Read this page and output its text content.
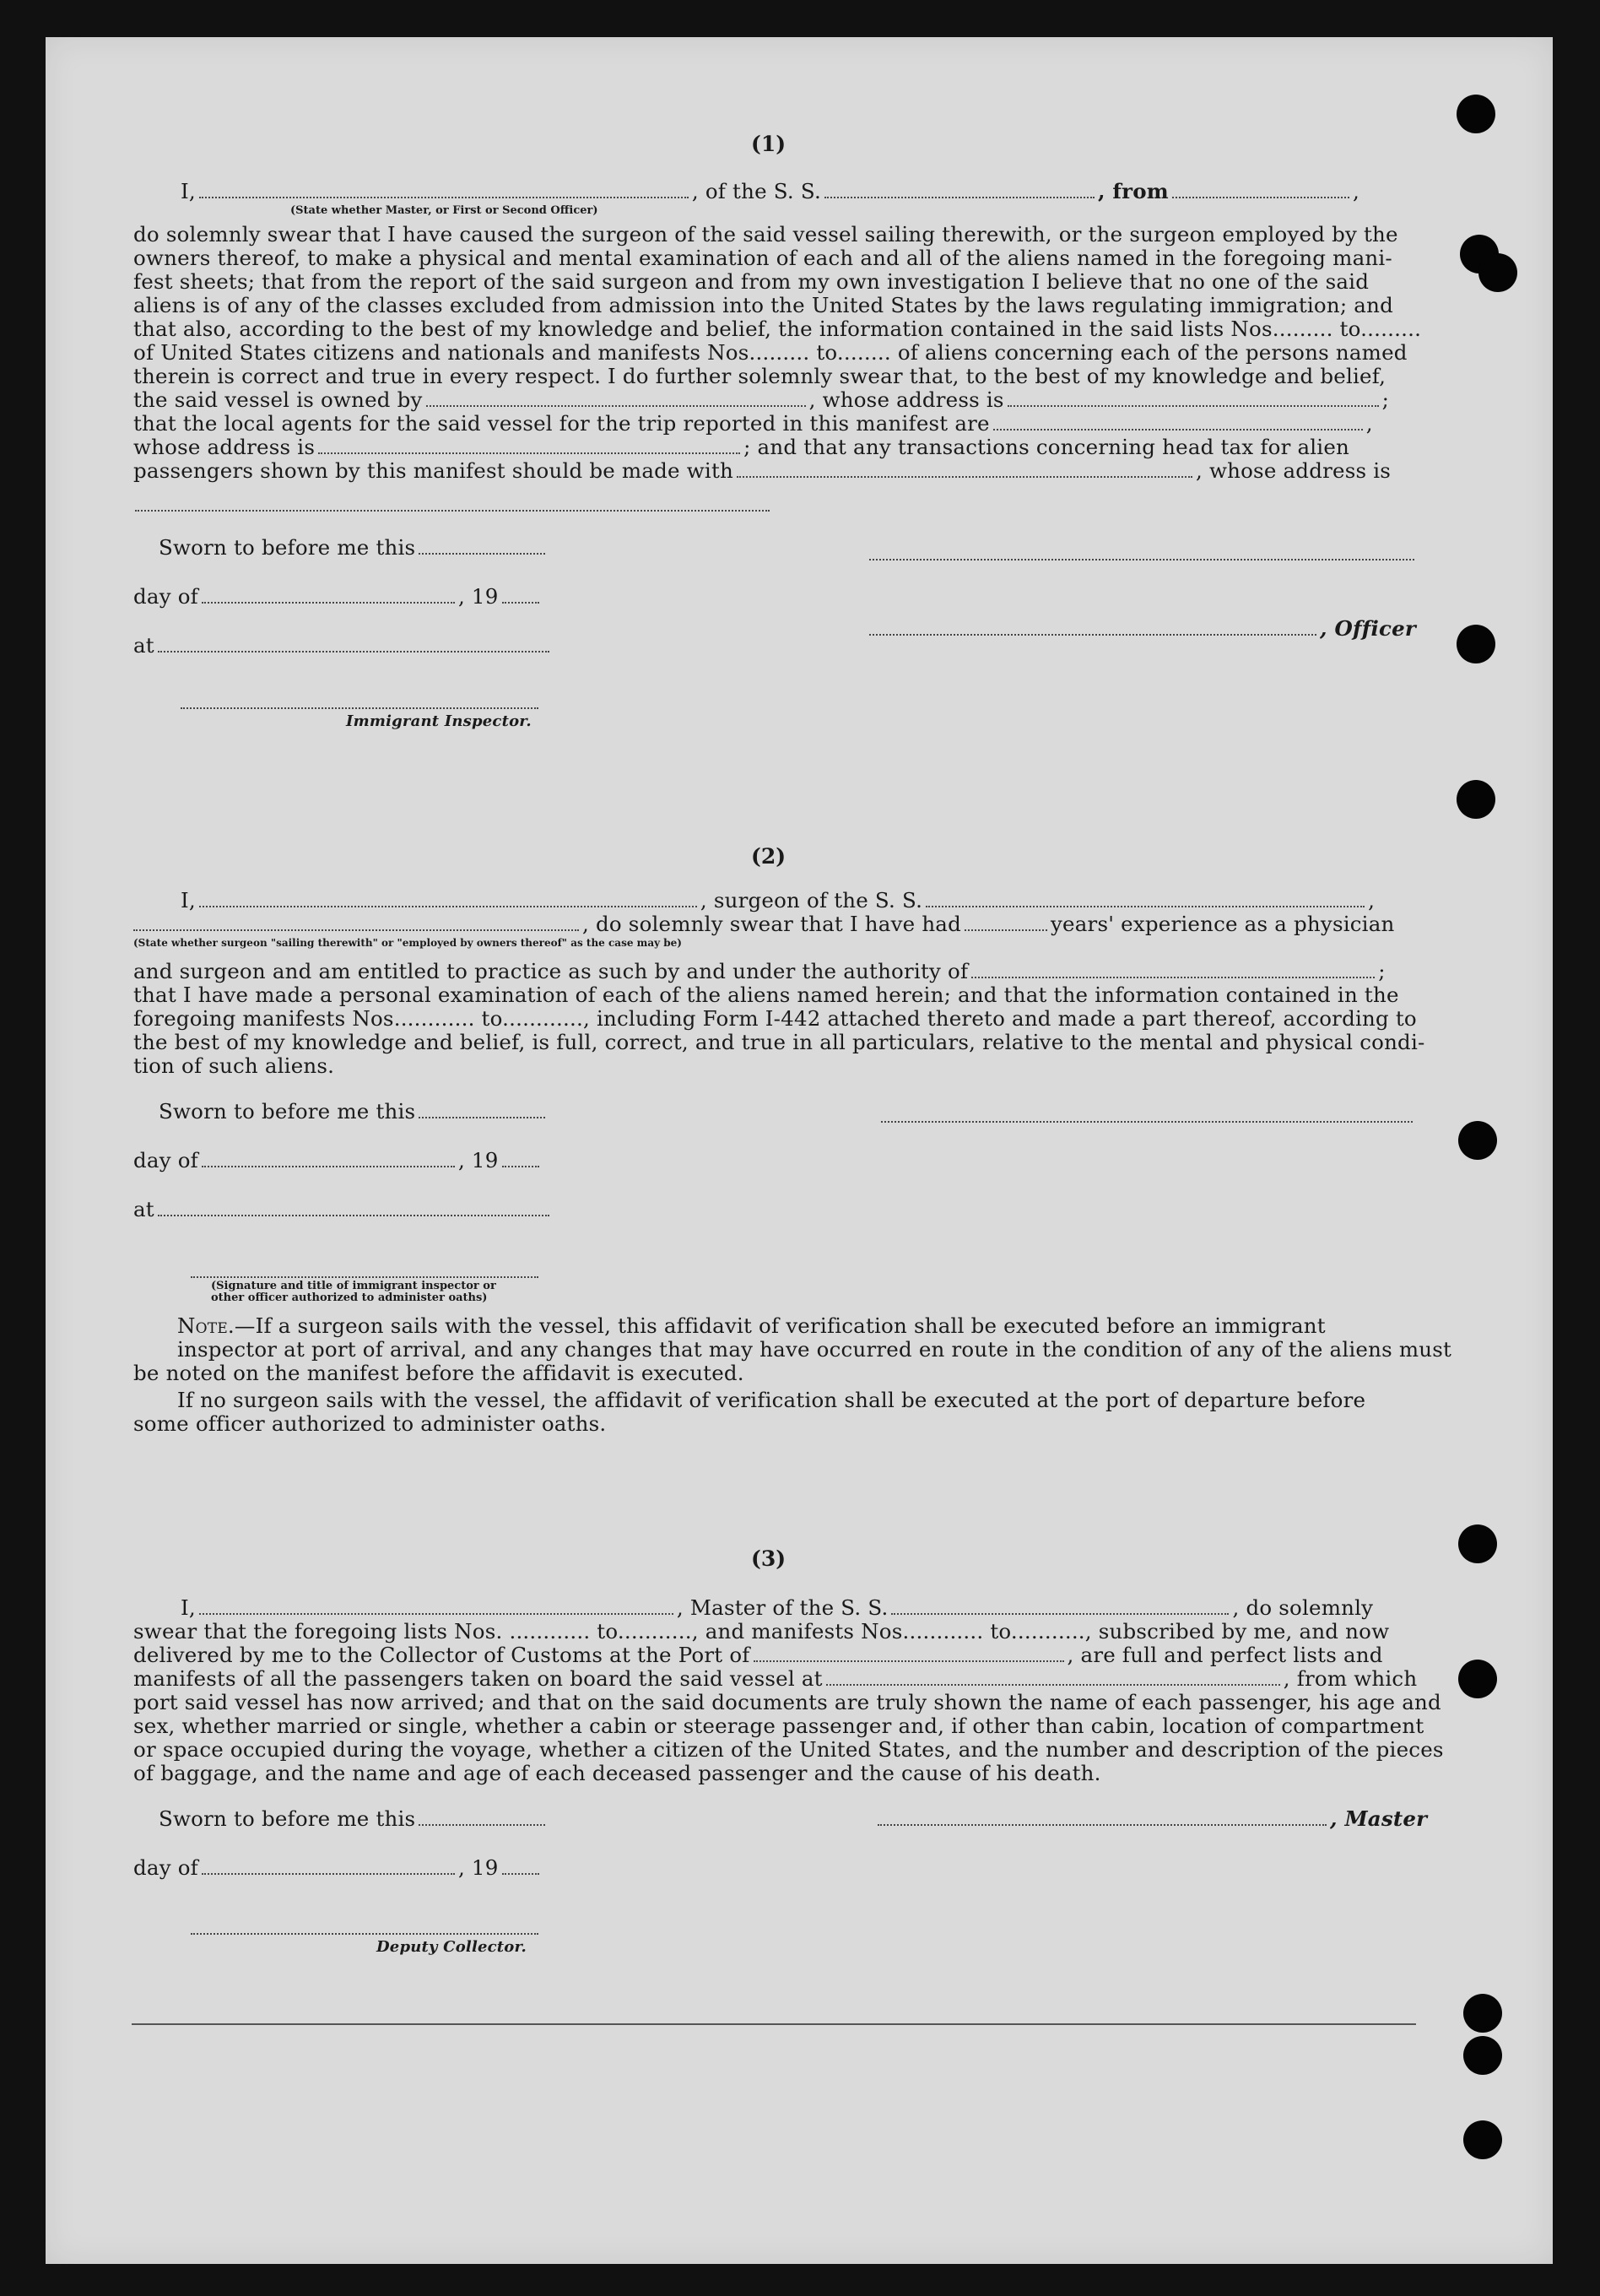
(1)
I,	, of the S. S.	, from	,
(State whether Master, or First or Second Officer)
do solemnly swear that I have caused the surgeon of the said vessel sailing therewith, or the surgeon employed by the
owners thereof, to make a physical and mental examination of each and all of the aliens named in the foregoing mani-
fest sheets; that from the report of the said surgeon and from my own investigation I believe that no one of the said
aliens is of any of the classes excluded from admission into the United States by the laws regulating immigration; and
that also, according to the best of my knowledge and belief, the information contained in the said lists Nos......... to.........
of United States citizens and nationals and manifests Nos......... to........ of aliens concerning each of the persons named
therein is correct and true in every respect. I do further solemnly swear that, to the best of my knowledge and belief,
the said vessel is owned by	, whose address is	;
that the local agents for the said vessel for the trip reported in this manifest are	,
whose address is	; and that any transactions concerning head tax for alien
passengers shown by this manifest should be made with	, whose address is
Sworn to before me this
day of	, 19
, Officer
at
Immigrant Inspector.
(2)
I,	, surgeon of the S. S.	,
, do solemnly swear that I have had	years' experience as a physician
(State whether surgeon "sailing therewith" or "employed by owners thereof" as the case may be)
and surgeon and am entitled to practice as such by and under the authority of	;
that I have made a personal examination of each of the aliens named herein; and that the information contained in the
foregoing manifests Nos............ to............, including Form I-442 attached thereto and made a part thereof, according to
the best of my knowledge and belief, is full, correct, and true in all particulars, relative to the mental and physical condi-
tion of such aliens.
Sworn to before me this
day of	, 19
at
(Signature and title of immigrant inspector or
other officer authorized to administer oaths)
Note.—If a surgeon sails with the vessel, this affidavit of verification shall be executed before an immigrant
inspector at port of arrival, and any changes that may have occurred en route in the condition of any of the aliens must
be noted on the manifest before the affidavit is executed.
If no surgeon sails with the vessel, the affidavit of verification shall be executed at the port of departure before
some officer authorized to administer oaths.
(3)
I,	, Master of the S. S.	, do solemnly
swear that the foregoing lists Nos. ............ to..........., and manifests Nos............ to..........., subscribed by me, and now
delivered by me to the Collector of Customs at the Port of	, are full and perfect lists and
manifests of all the passengers taken on board the said vessel at	, from which
port said vessel has now arrived; and that on the said documents are truly shown the name of each passenger, his age and
sex, whether married or single, whether a cabin or steerage passenger and, if other than cabin, location of compartment
or space occupied during the voyage, whether a citizen of the United States, and the number and description of the pieces
of baggage, and the name and age of each deceased passenger and the cause of his death.
Sworn to before me this	, Master
day of	, 19
Deputy Collector.
